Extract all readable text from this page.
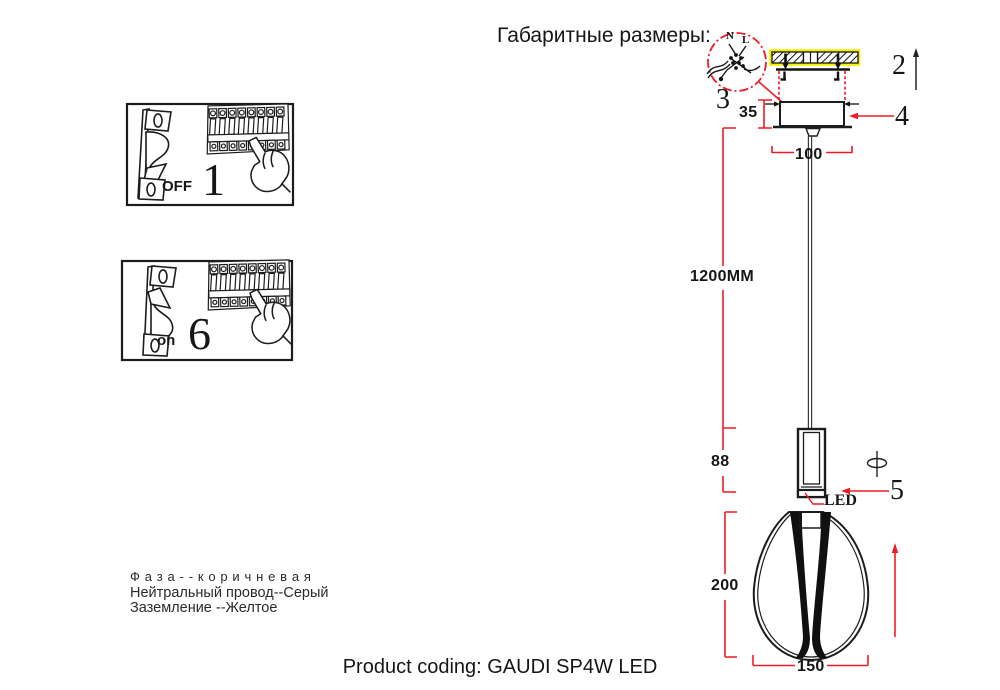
Габаритные размеры:
OFF 1
on 6
Ф а з а - - к о р и ч н е в а я
Нейтральный провод--Серый
Заземление --Желтое
N L
3
2
4
5
35
100
1200MM
88
200
150
LED
Product coding: GAUDI SP4W LED
